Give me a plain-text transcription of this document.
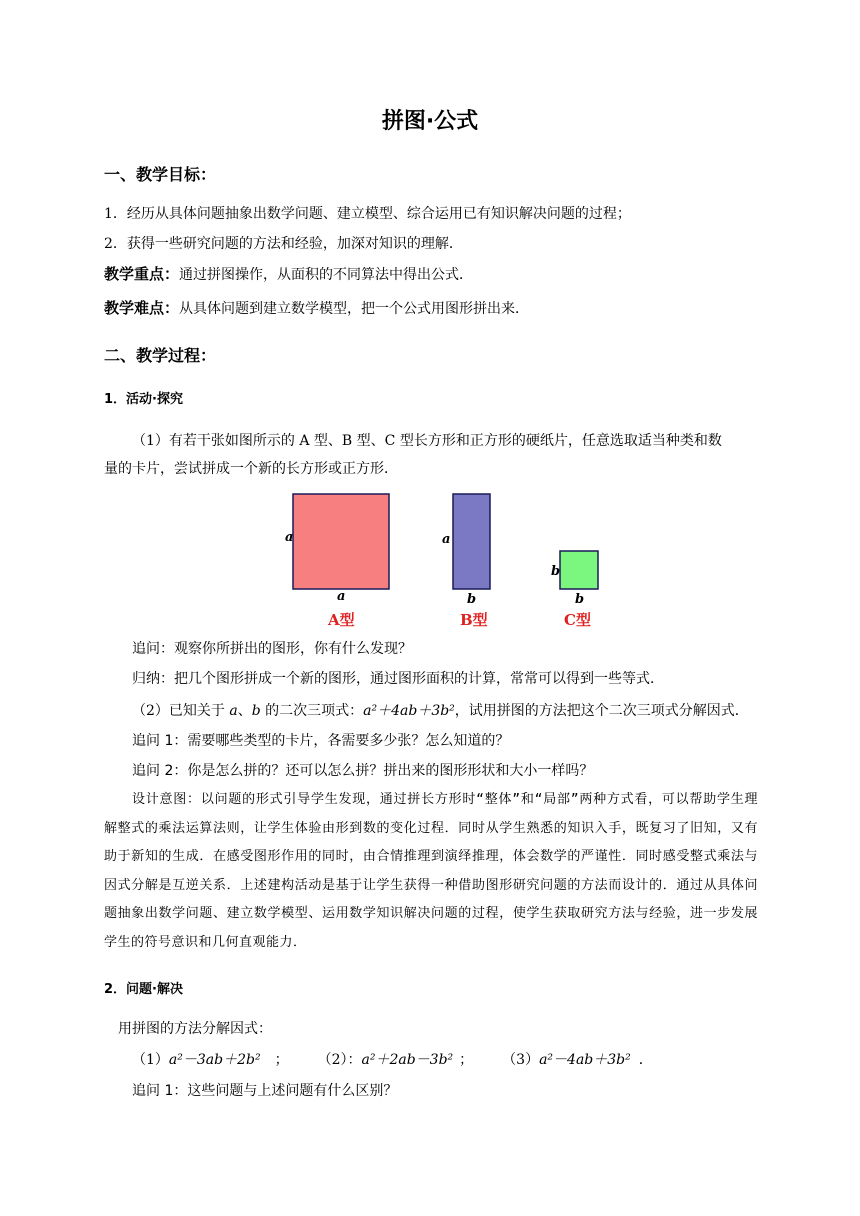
拼图·公式
一、教学目标：
1．经历从具体问题抽象出数学问题、建立模型、综合运用已有知识解决问题的过程；
2．获得一些研究问题的方法和经验，加深对知识的理解．
教学重点：通过拼图操作，从面积的不同算法中得出公式．
教学难点：从具体问题到建立数学模型，把一个公式用图形拼出来．
二、教学过程：
1．活动·探究
（1）有若干张如图所示的 A 型、B 型、C 型长方形和正方形的硬纸片，任意选取适当种类和数
量的卡片，尝试拼成一个新的长方形或正方形．
a
a
A型
a
b
B型
b
b
C型
追问：观察你所拼出的图形，你有什么发现？
归纳：把几个图形拼成一个新的图形，通过图形面积的计算，常常可以得到一些等式．
（2）已知关于 a、b 的二次三项式：a²＋4ab＋3b²，试用拼图的方法把这个二次三项式分解因式．
追问 1：需要哪些类型的卡片，各需要多少张？怎么知道的？
追问 2：你是怎么拼的？还可以怎么拼？拼出来的图形形状和大小一样吗？
设计意图：以问题的形式引导学生发现，通过拼长方形时“整体”和“局部”两种方式看，可以帮助学生理解整式的乘法运算法则，让学生体验由形到数的变化过程．同时从学生熟悉的知识入手，既复习了旧知，又有助于新知的生成．在感受图形作用的同时，由合情推理到演绎推理，体会数学的严谨性．同时感受整式乘法与因式分解是互逆关系．上述建构活动是基于让学生获得一种借助图形研究问题的方法而设计的．通过从具体问题抽象出数学问题、建立数学模型、运用数学知识解决问题的过程，使学生获取研究方法与经验，进一步发展学生的符号意识和几何直观能力．
2．问题·解决
用拼图的方法分解因式：
（1）a²－3ab＋2b² ；	（2）：a²＋2ab－3b² ；	（3）a²－4ab＋3b² ．
追问 1：这些问题与上述问题有什么区别？
